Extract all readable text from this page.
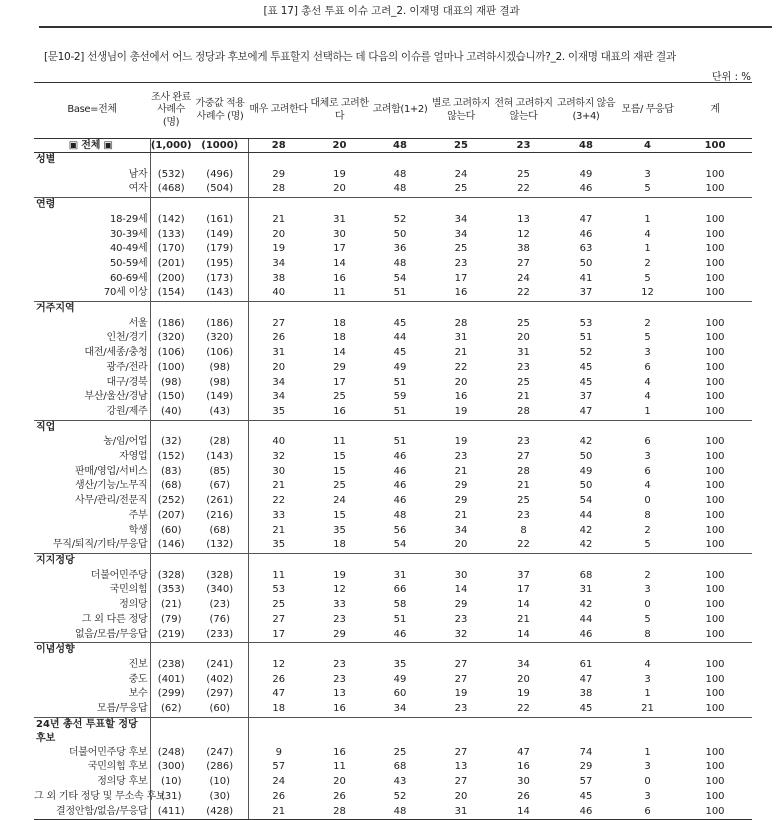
[표 17] 총선 투표 이슈 고려_2. 이재명 대표의 재판 결과
[문10-2] 선생님이 총선에서 어느 정당과 후보에게 투표할지 선택하는 데 다음의 이슈를 얼마나 고려하시겠습니까?_2. 이재명 대표의 재판 결과
단위 : %
Base=전체	조사 완료 사례수 (명)	가중값 적용 사례수 (명)	매우 고려한다	대체로 고려한다	고려함(1+2)	별로 고려하지 않는다	전혀 고려하지 않는다	고려하지 않음(3+4)	모름/ 무응답	계
▣ 전체 ▣	(1,000)	(1000)	28	20	48	25	23	48	4	100
성별										
남자	(532)	(496)	29	19	48	24	25	49	3	100
여자	(468)	(504)	28	20	48	25	22	46	5	100
연령										
18-29세	(142)	(161)	21	31	52	34	13	47	1	100
30-39세	(133)	(149)	20	30	50	34	12	46	4	100
40-49세	(170)	(179)	19	17	36	25	38	63	1	100
50-59세	(201)	(195)	34	14	48	23	27	50	2	100
60-69세	(200)	(173)	38	16	54	17	24	41	5	100
70세 이상	(154)	(143)	40	11	51	16	22	37	12	100
거주지역										
서울	(186)	(186)	27	18	45	28	25	53	2	100
인천/경기	(320)	(320)	26	18	44	31	20	51	5	100
대전/세종/충청	(106)	(106)	31	14	45	21	31	52	3	100
광주/전라	(100)	(98)	20	29	49	22	23	45	6	100
대구/경북	(98)	(98)	34	17	51	20	25	45	4	100
부산/울산/경남	(150)	(149)	34	25	59	16	21	37	4	100
강원/제주	(40)	(43)	35	16	51	19	28	47	1	100
직업										
농/임/어업	(32)	(28)	40	11	51	19	23	42	6	100
자영업	(152)	(143)	32	15	46	23	27	50	3	100
판매/영업/서비스	(83)	(85)	30	15	46	21	28	49	6	100
생산/기능/노무직	(68)	(67)	21	25	46	29	21	50	4	100
사무/관리/전문직	(252)	(261)	22	24	46	29	25	54	0	100
주부	(207)	(216)	33	15	48	21	23	44	8	100
학생	(60)	(68)	21	35	56	34	8	42	2	100
무직/퇴직/기타/무응답	(146)	(132)	35	18	54	20	22	42	5	100
지지정당										
더불어민주당	(328)	(328)	11	19	31	30	37	68	2	100
국민의힘	(353)	(340)	53	12	66	14	17	31	3	100
정의당	(21)	(23)	25	33	58	29	14	42	0	100
그 외 다른 정당	(79)	(76)	27	23	51	23	21	44	5	100
없음/모름/무응답	(219)	(233)	17	29	46	32	14	46	8	100
이념성향										
진보	(238)	(241)	12	23	35	27	34	61	4	100
중도	(401)	(402)	26	23	49	27	20	47	3	100
보수	(299)	(297)	47	13	60	19	19	38	1	100
모름/무응답	(62)	(60)	18	16	34	23	22	45	21	100

24년 총선 투표할 정당
후보										

더불어민주당 후보	(248)	(247)	9	16	25	27	47	74	1	100
국민의힘 후보	(300)	(286)	57	11	68	13	16	29	3	100
정의당 후보	(10)	(10)	24	20	43	27	30	57	0	100
그 외 기타 정당 및 무소속 후보	(31)	(30)	26	26	52	20	26	45	3	100
결정안함/없음/무응답	(411)	(428)	21	28	48	31	14	46	6	100
